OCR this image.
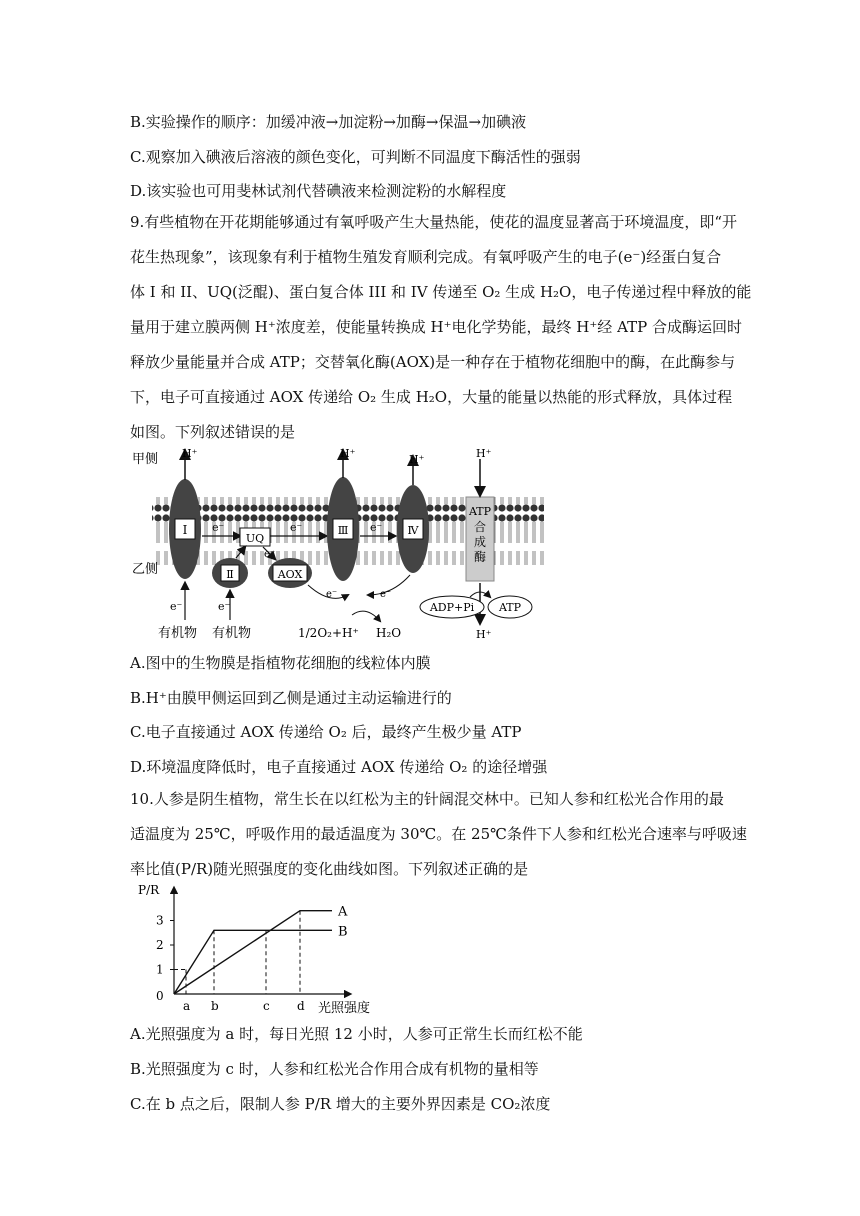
B.实验操作的顺序：加缓冲液→加淀粉→加酶→保温→加碘液
C.观察加入碘液后溶液的颜色变化，可判断不同温度下酶活性的强弱
D.该实验也可用斐林试剂代替碘液来检测淀粉的水解程度

9.有些植物在开花期能够通过有氧呼吸产生大量热能，使花的温度显著高于环境温度，即“开

花生热现象”，该现象有利于植物生殖发育顺利完成。有氧呼吸产生的电子(e⁻)经蛋白复合

体 I 和 II、UQ(泛醌)、蛋白复合体 III 和 IV 传递至 O₂ 生成 H₂O，电子传递过程中释放的能

量用于建立膜两侧 H⁺浓度差，使能量转换成 H⁺电化学势能，最终 H⁺经 ATP 合成酶运回时

释放少量能量并合成 ATP；交替氧化酶(AOX)是一种存在于植物花细胞中的酶，在此酶参与

下，电子可直接通过 AOX 传递给 O₂ 生成 H₂O，大量的能量以热能的形式释放，具体过程

如图。下列叙述错误的是

甲侧
乙侧
Ⅰ
H⁺
e⁻
UQ
Ⅱ
e⁻
AOX
e⁻
Ⅲ
H⁺
e⁻ Ⅳ
H⁺
ATP
合
成
酶
H⁺
H⁺
ADP+Pi ATP
e⁻
有机物
e⁻
有机物
e⁻	e⁻
1/2O₂+H⁺ H₂O
A.图中的生物膜是指植物花细胞的线粒体内膜
B.H⁺由膜甲侧运回到乙侧是通过主动运输进行的
C.电子直接通过 AOX 传递给 O₂ 后，最终产生极少量 ATP
D.环境温度降低时，电子直接通过 AOX 传递给 O₂ 的途径增强

10.人参是阴生植物，常生长在以红松为主的针阔混交林中。已知人参和红松光合作用的最

适温度为 25℃，呼吸作用的最适温度为 30℃。在 25℃条件下人参和红松光合速率与呼吸速

率比值(P/R)随光照强度的变化曲线如图。下列叙述正确的是

P/R
光照强度
0
1
2
3
a b	c d
A
B
A.光照强度为 a 时，每日光照 12 小时，人参可正常生长而红松不能
B.光照强度为 c 时，人参和红松光合作用合成有机物的量相等
C.在 b 点之后，限制人参 P/R 增大的主要外界因素是 CO₂浓度
